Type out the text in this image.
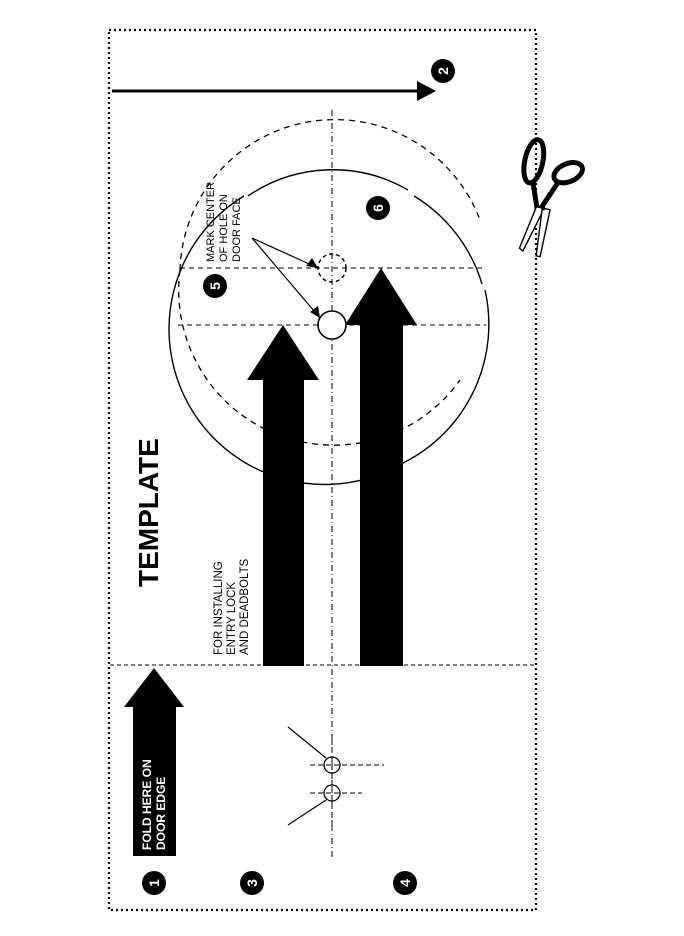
1
2
3	4
5
6
TEMPLATE
FOR INSTALLING ENTRY LOCK AND DEADBOLTS
MARK CENTER OF HOLE ON DOOR FACE
FOLD HERE ON DOOR EDGE
